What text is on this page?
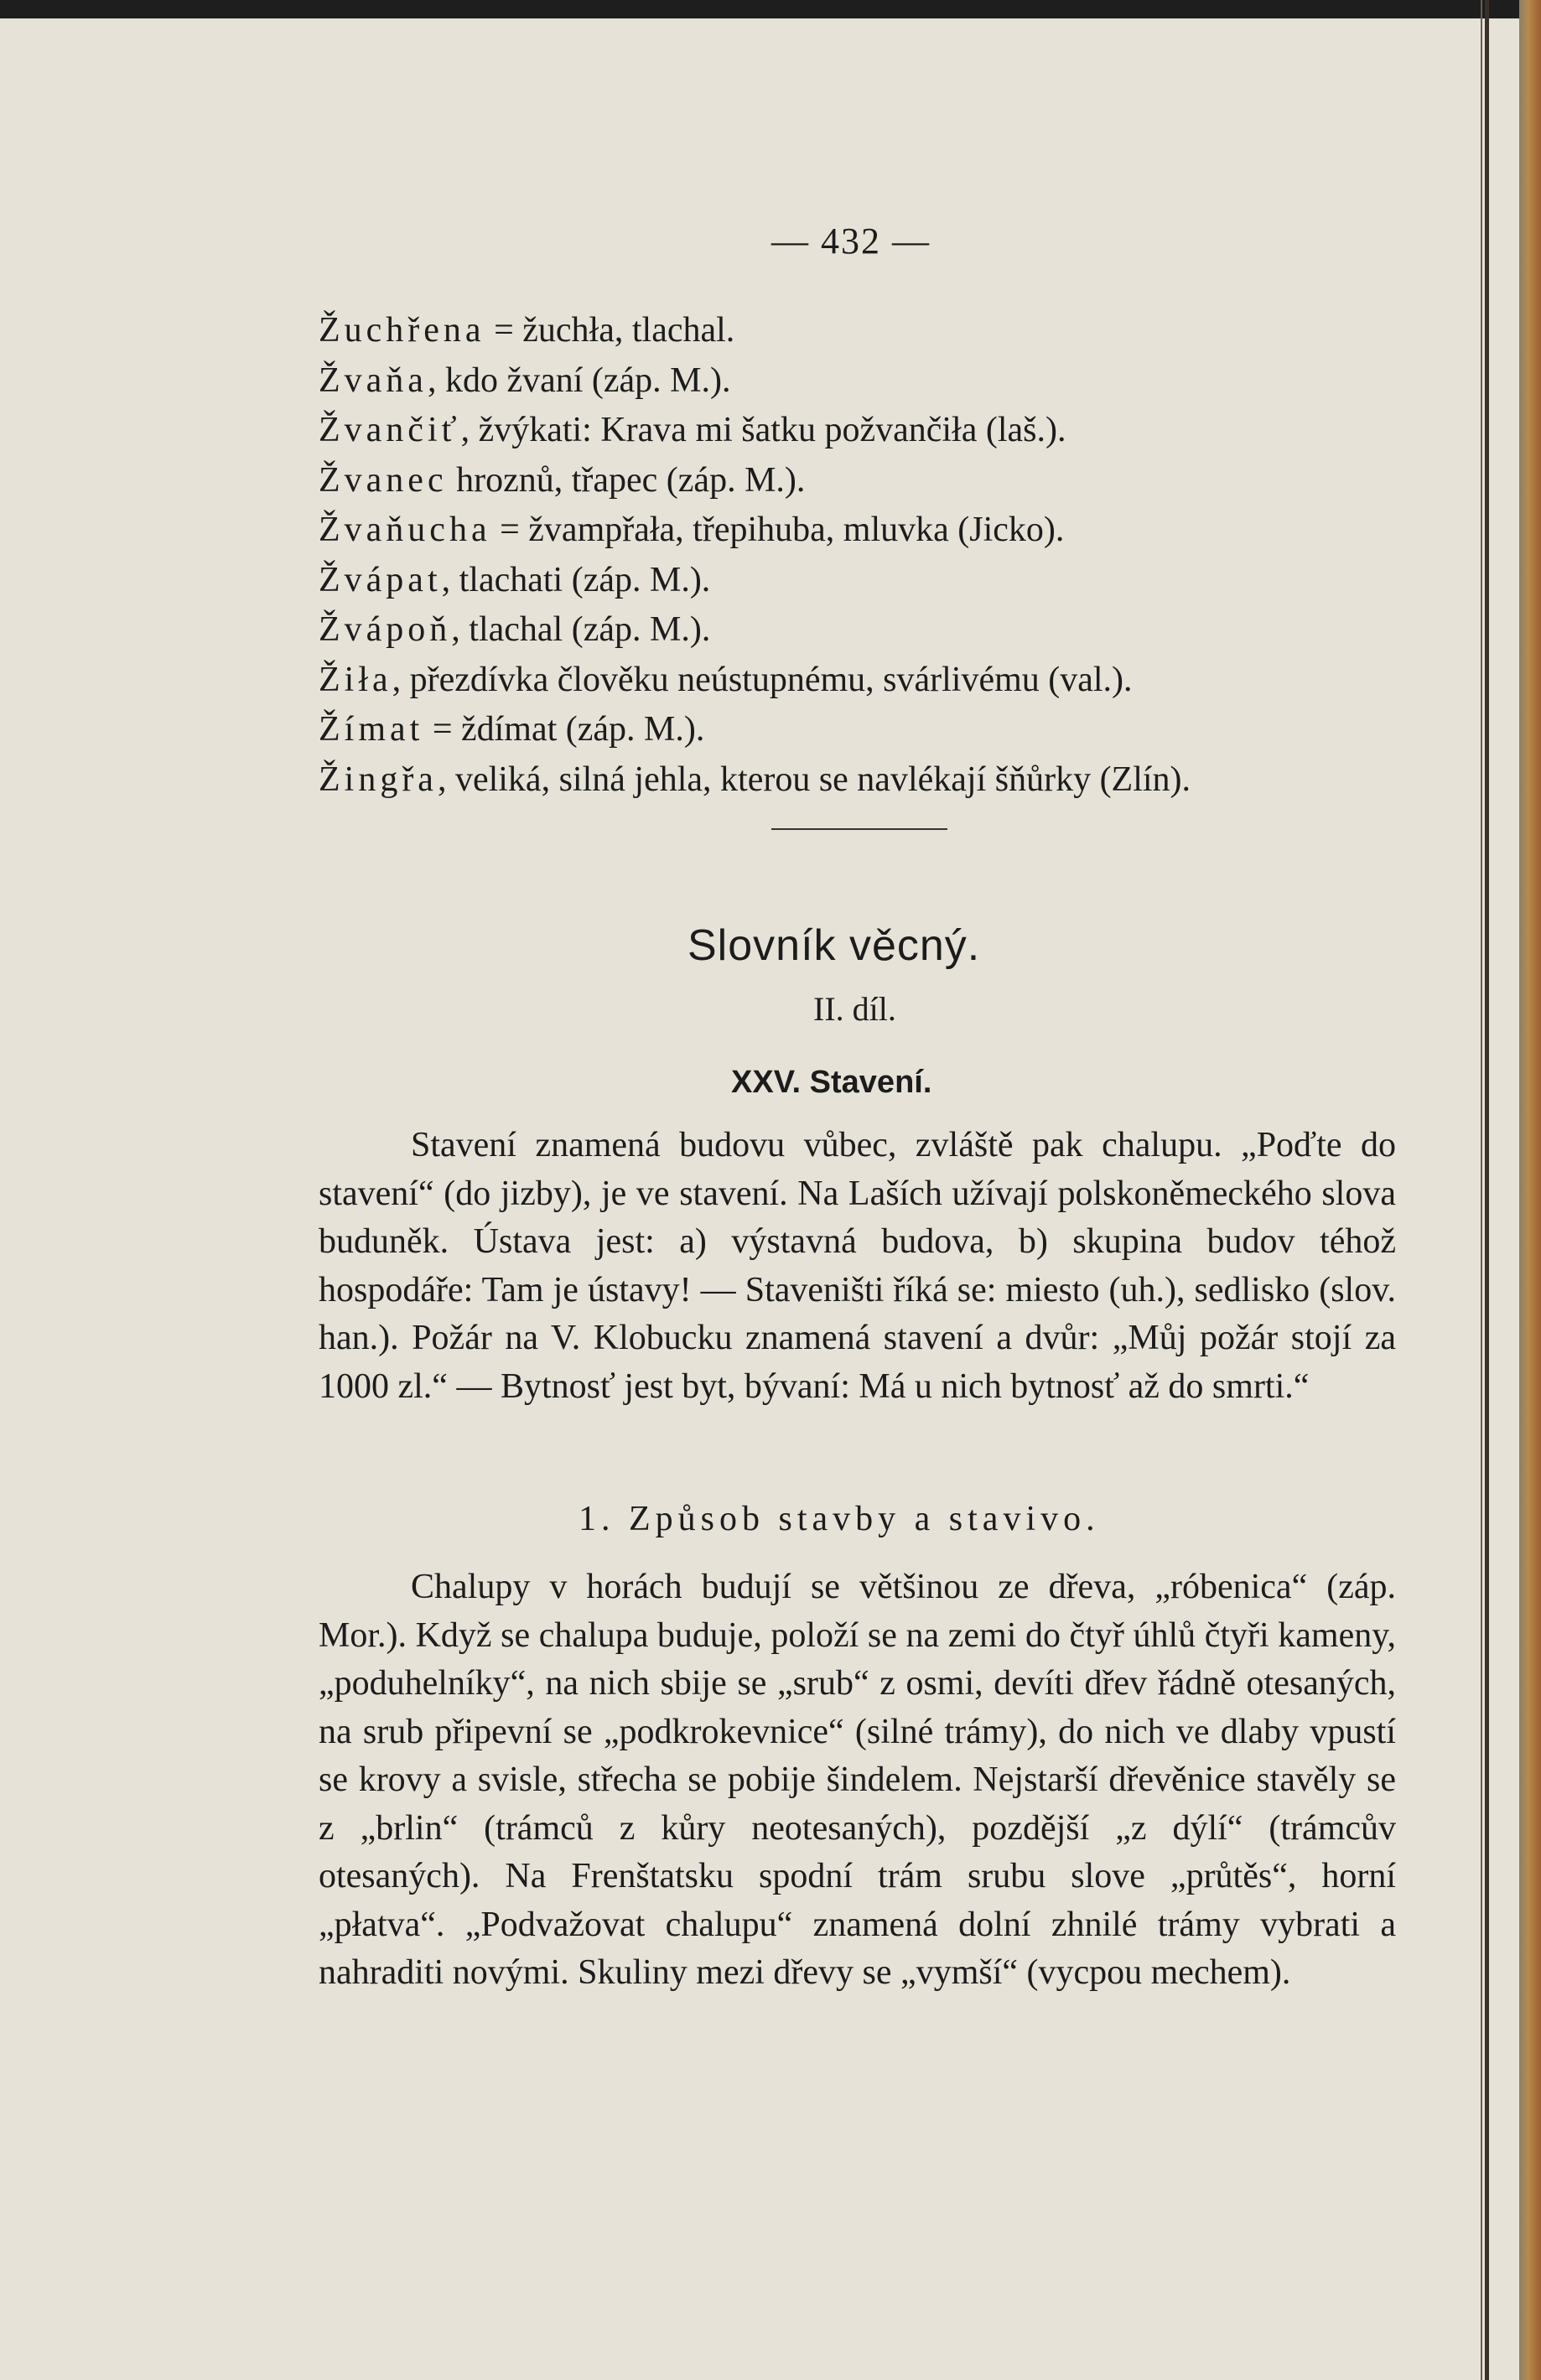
— 432 —
Žuchřena = žuchła, tlachal.
Žvaňa, kdo žvaní (záp. M.).
Žvančiť, žvýkati: Krava mi šatku požvančiła (laš.).
Žvanec hroznů, třapec (záp. M.).
Žvaňucha = žvampřała, třepihuba, mluvka (Jicko).
Žvápat, tlachati (záp. M.).
Žvápoň, tlachal (záp. M.).
Žiła, přezdívka člověku neústupnému, svárlivému (val.).
Žímat = ždímat (záp. M.).
Žingřa, veliká, silná jehla, kterou se navlékají šňůrky (Zlín).
Slovník věcný.
II. díl.
XXV. Stavení.
Stavení znamená budovu vůbec, zvláště pak chalupu. „Poďte do stavení“ (do jizby), je ve stavení. Na Laších užívají polskoněmeckého slova buduněk. Ústava jest: a) výstavná budova, b) skupina budov téhož hospodáře: Tam je ústavy! — Staveništi říká se: miesto (uh.), sedlisko (slov. han.). Požár na V. Klobucku znamená stavení a dvůr: „Můj požár stojí za 1000 zl.“ — Bytnosť jest byt, bývaní: Má u nich bytnosť až do smrti.“
1. Způsob stavby a stavivo.
Chalupy v horách budují se většinou ze dřeva, „róbenica“ (záp. Mor.). Když se chalupa buduje, položí se na zemi do čtyř úhlů čtyři kameny, „poduhelníky“, na nich sbije se „srub“ z osmi, devíti dřev řádně otesaných, na srub připevní se „podkrokevnice“ (silné trámy), do nich ve dlaby vpustí se krovy a svisle, střecha se pobije šindelem. Nejstarší dřevěnice stavěly se z „brlin“ (trámců z kůry neotesaných), pozdější „z dýlí“ (trámcův otesaných). Na Frenštatsku spodní trám srubu slove „průtěs“, horní „płatva“. „Podvažovat chalupu“ znamená dolní zhnilé trámy vybrati a nahraditi novými. Skuliny mezi dřevy se „vymší“ (vycpou mechem).
